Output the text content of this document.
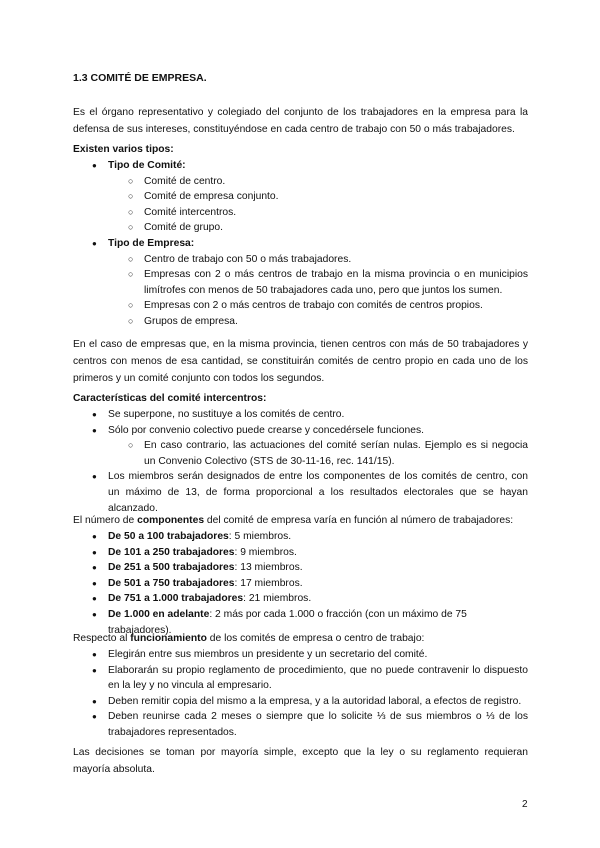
1.3 COMITÉ DE EMPRESA.

Es el órgano representativo y colegiado del conjunto de los trabajadores en la empresa para la defensa de sus intereses, constituyéndose en cada centro de trabajo con 50 o más trabajadores.

Existen varios tipos:

● Tipo de Comité:
○ Comité de centro.
○ Comité de empresa conjunto.
○ Comité intercentros.
○ Comité de grupo.
● Tipo de Empresa:
○ Centro de trabajo con 50 o más trabajadores.
○ Empresas con 2 o más centros de trabajo en la misma provincia o en municipios limítrofes con menos de 50 trabajadores cada uno, pero que juntos los sumen.
○ Empresas con 2 o más centros de trabajo con comités de centros propios.
○ Grupos de empresa.

En el caso de empresas que, en la misma provincia, tienen centros con más de 50 trabajadores y centros con menos de esa cantidad, se constituirán comités de centro propio en cada uno de los primeros y un comité conjunto con todos los segundos.

Características del comité intercentros:

● Se superpone, no sustituye a los comités de centro.
● Sólo por convenio colectivo puede crearse y concedérsele funciones.
○ En caso contrario, las actuaciones del comité serían nulas. Ejemplo es si negocia un Convenio Colectivo (STS de 30-11-16, rec. 141/15).
● Los miembros serán designados de entre los componentes de los comités de centro, con un máximo de 13, de forma proporcional a los resultados electorales que se hayan alcanzado.

El número de componentes del comité de empresa varía en función al número de trabajadores:

● De 50 a 100 trabajadores: 5 miembros.
● De 101 a 250 trabajadores: 9 miembros.
● De 251 a 500 trabajadores: 13 miembros.
● De 501 a 750 trabajadores: 17 miembros.
● De 751 a 1.000 trabajadores: 21 miembros.
● De 1.000 en adelante: 2 más por cada 1.000 o fracción (con un máximo de 75 trabajadores).

Respecto al funcionamiento de los comités de empresa o centro de trabajo:

● Elegirán entre sus miembros un presidente y un secretario del comité.
● Elaborarán su propio reglamento de procedimiento, que no puede contravenir lo dispuesto en la ley y no vincula al empresario.
● Deben remitir copia del mismo a la empresa, y a la autoridad laboral, a efectos de registro.
● Deben reunirse cada 2 meses o siempre que lo solicite ⅓ de sus miembros o ⅓ de los trabajadores representados.

Las decisiones se toman por mayoría simple, excepto que la ley o su reglamento requieran mayoría absoluta.

2
